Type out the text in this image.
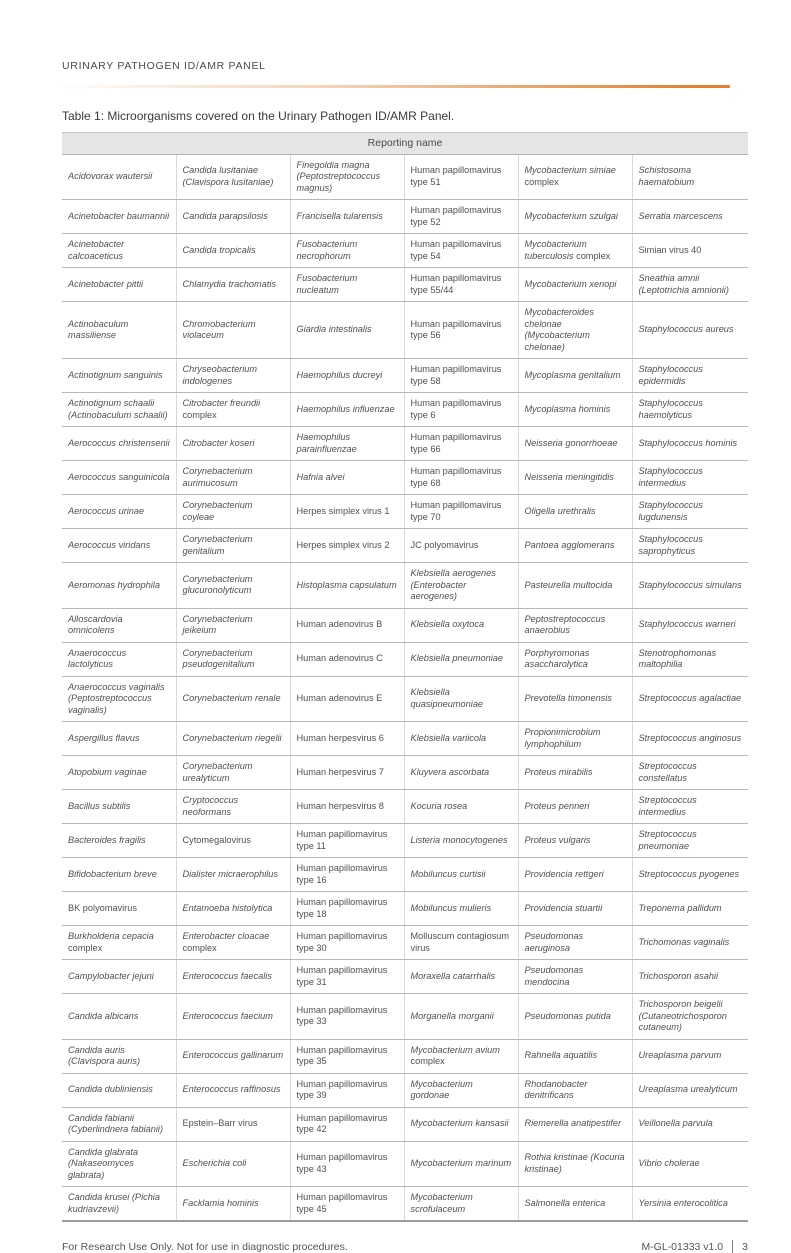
URINARY PATHOGEN ID/AMR PANEL
Table 1: Microorganisms covered on the Urinary Pathogen ID/AMR Panel.
Reporting name					
Acidovorax wautersii	Candida lusitaniae (Clavispora lusitaniae)	Finegoldia magna (Peptostreptococcus magnus)	Human papillomavirus type 51	Mycobacterium simiae complex	Schistosoma haematobium
Acinetobacter baumannii	Candida parapsilosis	Francisella tularensis	Human papillomavirus type 52	Mycobacterium szulgai	Serratia marcescens
Acinetobacter calcoaceticus	Candida tropicalis	Fusobacterium necrophorum	Human papillomavirus type 54	Mycobacterium tuberculosis complex	Simian virus 40
Acinetobacter pittii	Chlamydia trachomatis	Fusobacterium nucleatum	Human papillomavirus type 55/44	Mycobacterium xenopi	Sneathia amnii (Leptotrichia amnionii)
Actinobaculum massiliense	Chromobacterium violaceum	Giardia intestinalis	Human papillomavirus type 56	Mycobacteroides chelonae (Mycobacterium chelonae)	Staphylococcus aureus
Actinotignum sanguinis	Chryseobacterium indologenes	Haemophilus ducreyi	Human papillomavirus type 58	Mycoplasma genitalium	Staphylococcus epidermidis
Actinotignum schaalii (Actinobaculum schaalii)	Citrobacter freundii complex	Haemophilus influenzae	Human papillomavirus type 6	Mycoplasma hominis	Staphylococcus haemolyticus
Aerococcus christensenii	Citrobacter koseri	Haemophilus parainfluenzae	Human papillomavirus type 66	Neisseria gonorrhoeae	Staphylococcus hominis
Aerococcus sanguinicola	Corynebacterium aurimucosum	Hafnia alvei	Human papillomavirus type 68	Neisseria meningitidis	Staphylococcus intermedius
Aerococcus urinae	Corynebacterium coyleae	Herpes simplex virus 1	Human papillomavirus type 70	Oligella urethralis	Staphylococcus lugdunensis
Aerococcus viridans	Corynebacterium genitalium	Herpes simplex virus 2	JC polyomavirus	Pantoea agglomerans	Staphylococcus saprophyticus
Aeromonas hydrophila	Corynebacterium glucuronolyticum	Histoplasma capsulatum	Klebsiella aerogenes (Enterobacter aerogenes)	Pasteurella multocida	Staphylococcus simulans
Alloscardovia omnicolens	Corynebacterium jeikeium	Human adenovirus B	Klebsiella oxytoca	Peptostreptococcus anaerobius	Staphylococcus warneri
Anaerococcus lactolyticus	Corynebacterium pseudogenitalium	Human adenovirus C	Klebsiella pneumoniae	Porphyromonas asaccharolytica	Stenotrophomonas maltophilia
Anaerococcus vaginalis (Peptostreptococcus vaginalis)	Corynebacterium renale	Human adenovirus E	Klebsiella quasipneumoniae	Prevotella timonensis	Streptococcus agalactiae
Aspergillus flavus	Corynebacterium riegelii	Human herpesvirus 6	Klebsiella variicola	Propionimicrobium lymphophilum	Streptococcus anginosus
Atopobium vaginae	Corynebacterium urealyticum	Human herpesvirus 7	Kluyvera ascorbata	Proteus mirabilis	Streptococcus constellatus
Bacillus subtilis	Cryptococcus neoformans	Human herpesvirus 8	Kocuria rosea	Proteus penneri	Streptococcus intermedius
Bacteroides fragilis	Cytomegalovirus	Human papillomavirus type 11	Listeria monocytogenes	Proteus vulgaris	Streptococcus pneumoniae
Bifidobacterium breve	Dialister micraerophilus	Human papillomavirus type 16	Mobiluncus curtisii	Providencia rettgeri	Streptococcus pyogenes
BK polyomavirus	Entamoeba histolytica	Human papillomavirus type 18	Mobiluncus mulieris	Providencia stuartii	Treponema pallidum
Burkholderia cepacia complex	Enterobacter cloacae complex	Human papillomavirus type 30	Molluscum contagiosum virus	Pseudomonas aeruginosa	Trichomonas vaginalis
Campylobacter jejuni	Enterococcus faecalis	Human papillomavirus type 31	Moraxella catarrhalis	Pseudomonas mendocina	Trichosporon asahii
Candida albicans	Enterococcus faecium	Human papillomavirus type 33	Morganella morganii	Pseudomonas putida	Trichosporon beigelii (Cutaneotrichosporon cutaneum)
Candida auris (Clavispora auris)	Enterococcus gallinarum	Human papillomavirus type 35	Mycobacterium avium complex	Rahnella aquatilis	Ureaplasma parvum
Candida dubliniensis	Enterococcus raffinosus	Human papillomavirus type 39	Mycobacterium gordonae	Rhodanobacter denitrificans	Ureaplasma urealyticum
Candida fabianii (Cyberlindnera fabianii)	Epstein–Barr virus	Human papillomavirus type 42	Mycobacterium kansasii	Riemerella anatipestifer	Veillonella parvula
Candida glabrata (Nakaseomyces glabrata)	Escherichia coli	Human papillomavirus type 43	Mycobacterium marinum	Rothia kristinae (Kocuria kristinae)	Vibrio cholerae
Candida krusei (Pichia kudriavzevii)	Facklamia hominis	Human papillomavirus type 45	Mycobacterium scrofulaceum	Salmonella enterica	Yersinia enterocolitica
For Research Use Only. Not for use in diagnostic procedures.	M-GL-01333 v1.0 3
